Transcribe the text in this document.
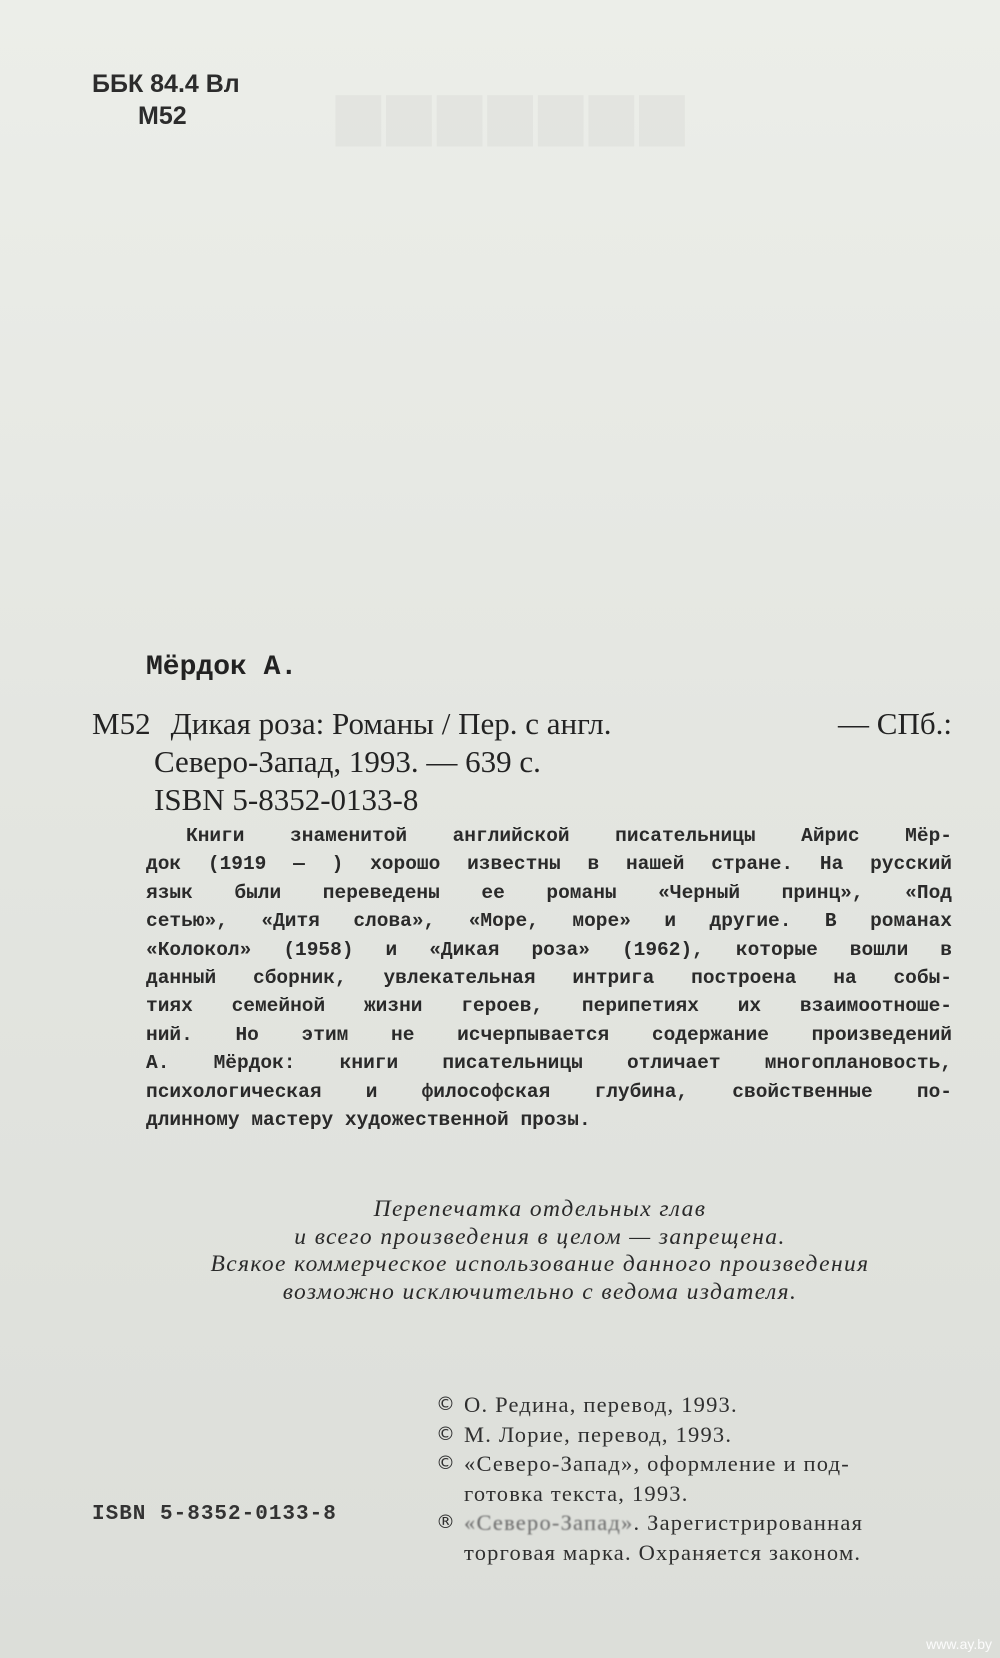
▆▆▆▆▆▆▆
ББК 84.4 Вл
М52
Мёрдок А.
М52 Дикая роза: Романы / Пер. с англ.	— СПб.:
Северо-Запад, 1993. — 639 с.
ISBN 5-8352-0133-8
Книги знаменитой английской писательницы Айрис Мёр-
док (1919 — ) хорошо известны в нашей стране. На русский
язык были переведены ее романы «Черный принц», «Под
сетью», «Дитя слова», «Море, море» и другие. В романах
«Колокол» (1958) и «Дикая роза» (1962), которые вошли в
данный сборник, увлекательная интрига построена на собы-
тиях семейной жизни героев, перипетиях их взаимоотноше-
ний. Но этим не исчерпывается содержание произведений
А. Мёрдок: книги писательницы отличает многоплановость,
психологическая и философская глубина, свойственные по-
длинному мастеру художественной прозы.
Перепечатка отдельных глав
и всего произведения в целом — запрещена.
Всякое коммерческое использование данного произведения
возможно исключительно с ведома издателя.
ISBN 5-8352-0133-8
© О. Редина, перевод, 1993.
© М. Лорие, перевод, 1993.
© «Северо-Запад», оформление и под-
готовка текста, 1993.
® «Северо-Запад». Зарегистрированная
торговая марка. Охраняется законом.
www.ay.by
